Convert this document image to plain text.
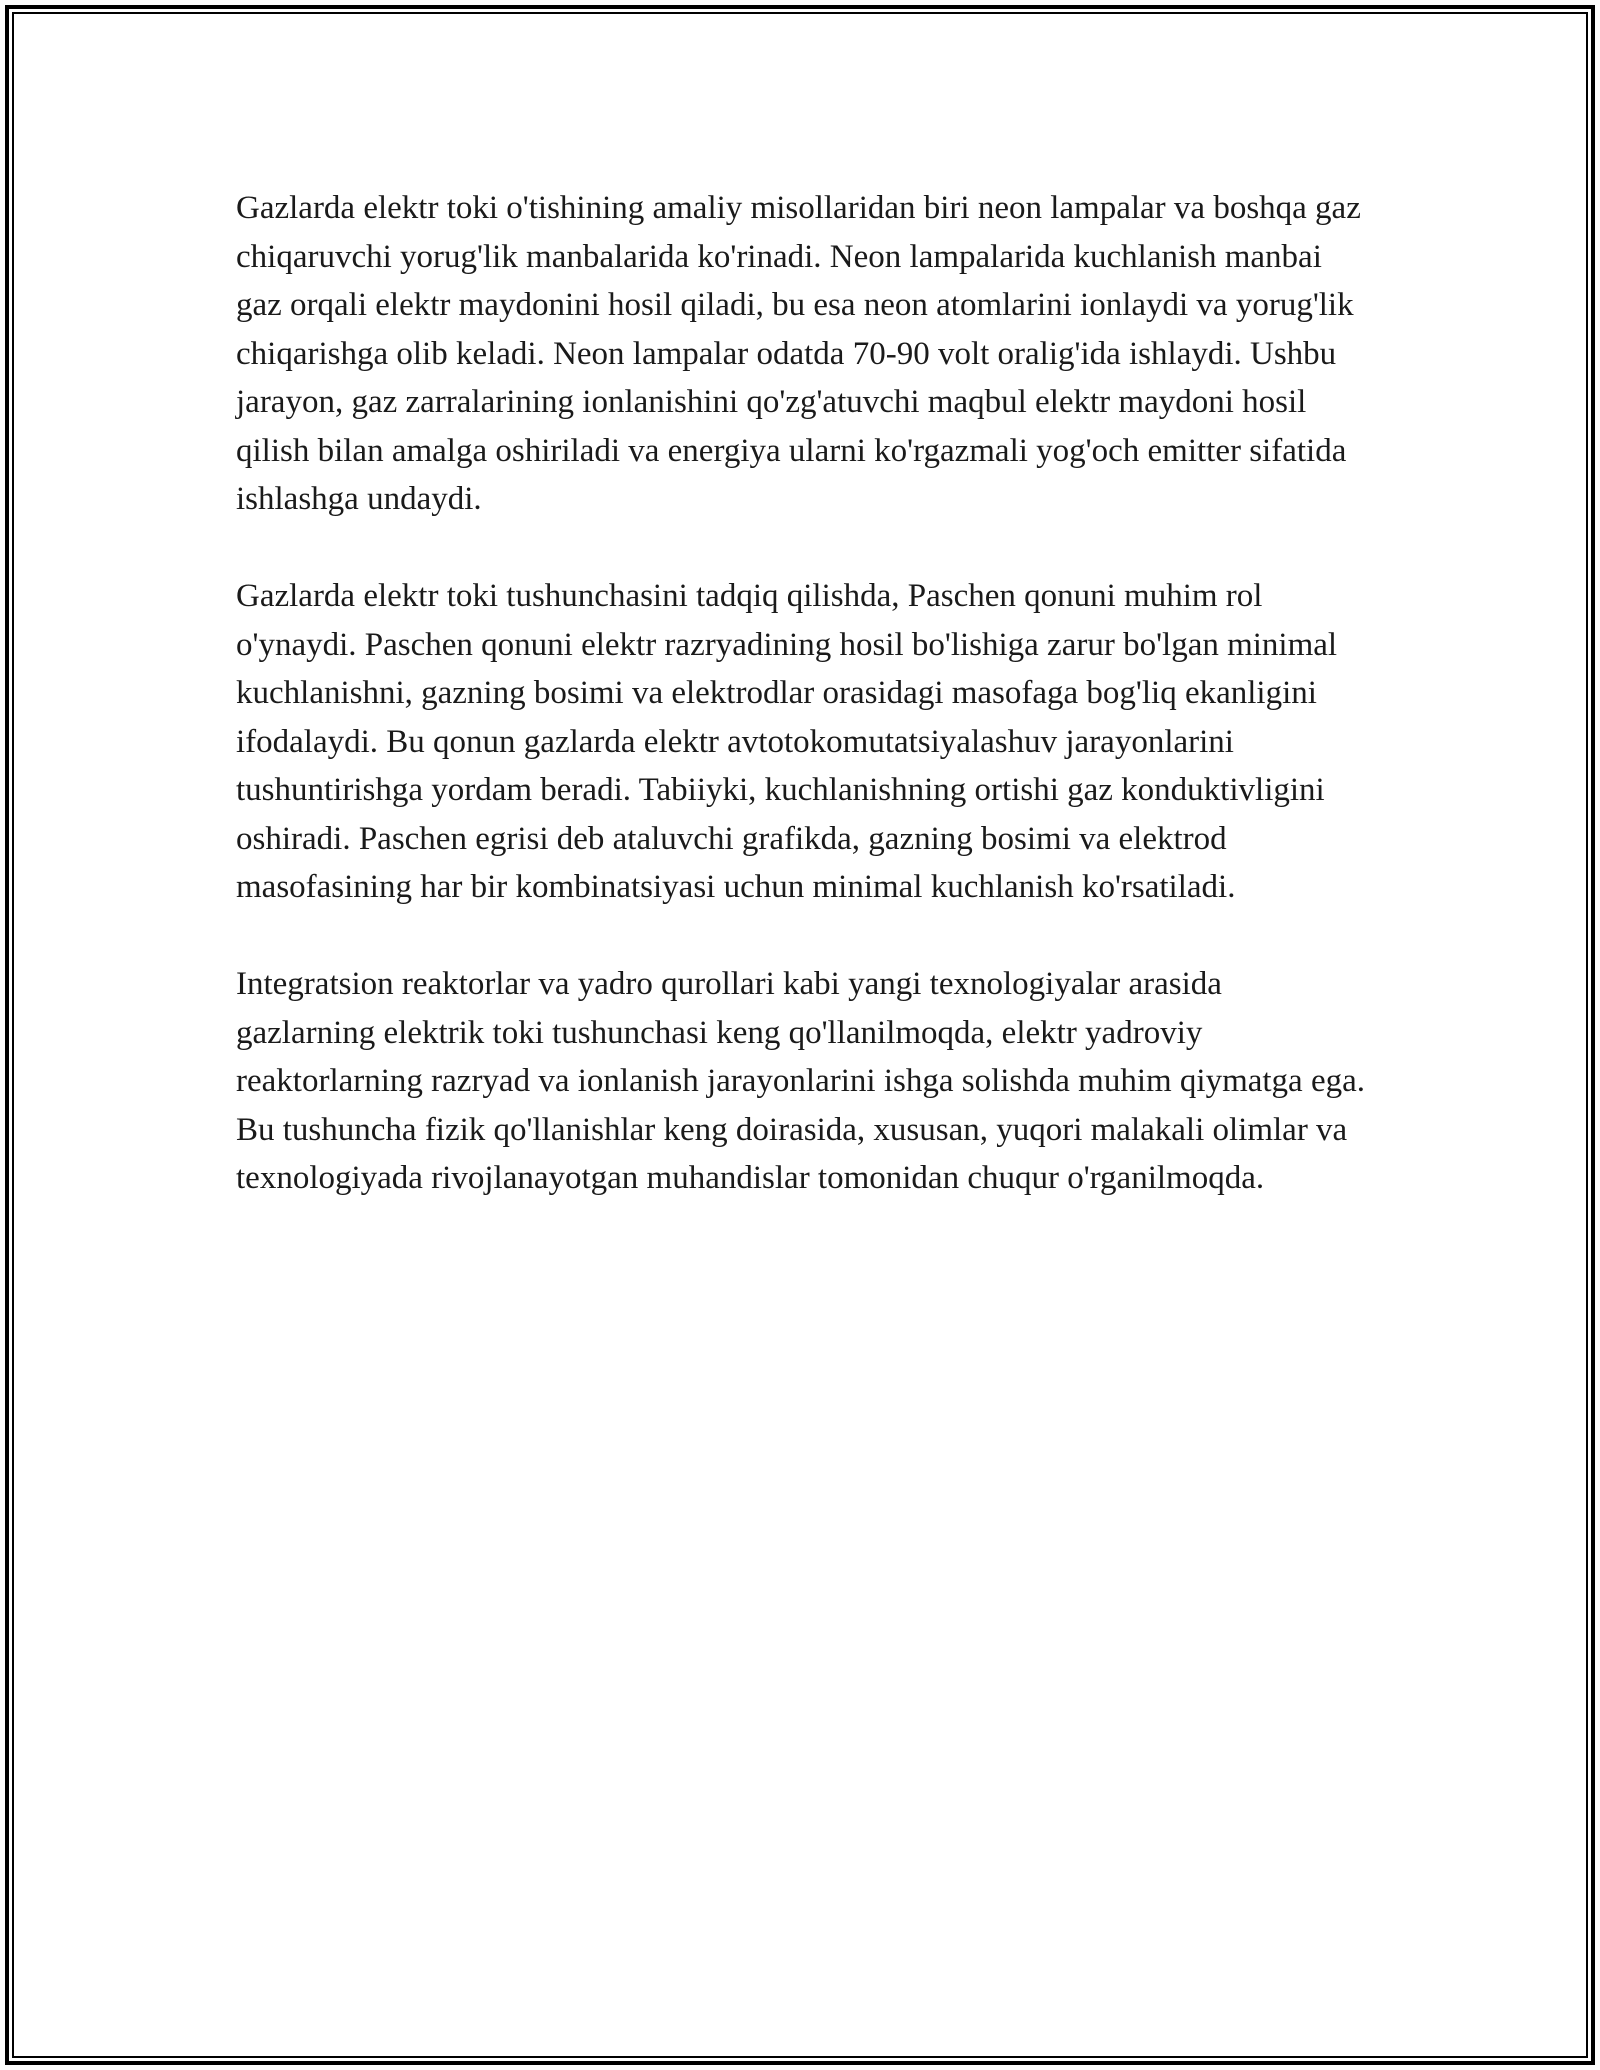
Gazlarda elektr toki o'tishining amaliy misollaridan biri neon lampalar va boshqa gaz chiqaruvchi yorug'lik manbalarida ko'rinadi. Neon lampalarida kuchlanish manbai gaz orqali elektr maydonini hosil qiladi, bu esa neon atomlarini ionlaydi va yorug'lik chiqarishga olib keladi. Neon lampalar odatda 70-90 volt oralig'ida ishlaydi. Ushbu jarayon, gaz zarralarining ionlanishini qo'zg'atuvchi maqbul elektr maydoni hosil qilish bilan amalga oshiriladi va energiya ularni ko'rgazmali yog'och emitter sifatida ishlashga undaydi.

Gazlarda elektr toki tushunchasini tadqiq qilishda, Paschen qonuni muhim rol o'ynaydi. Paschen qonuni elektr razryadining hosil bo'lishiga zarur bo'lgan minimal kuchlanishni, gazning bosimi va elektrodlar orasidagi masofaga bog'liq ekanligini ifodalaydi. Bu qonun gazlarda elektr avtotokomutatsiyalashuv jarayonlarini tushuntirishga yordam beradi. Tabiiyki, kuchlanishning ortishi gaz konduktivligini oshiradi. Paschen egrisi deb ataluvchi grafikda, gazning bosimi va elektrod masofasining har bir kombinatsiyasi uchun minimal kuchlanish ko'rsatiladi.

Integratsion reaktorlar va yadro qurollari kabi yangi texnologiyalar arasida gazlarning elektrik toki tushunchasi keng qo'llanilmoqda, elektr yadroviy reaktorlarning razryad va ionlanish jarayonlarini ishga solishda muhim qiymatga ega. Bu tushuncha fizik qo'llanishlar keng doirasida, xususan, yuqori malakali olimlar va texnologiyada rivojlanayotgan muhandislar tomonidan chuqur o'rganilmoqda.
